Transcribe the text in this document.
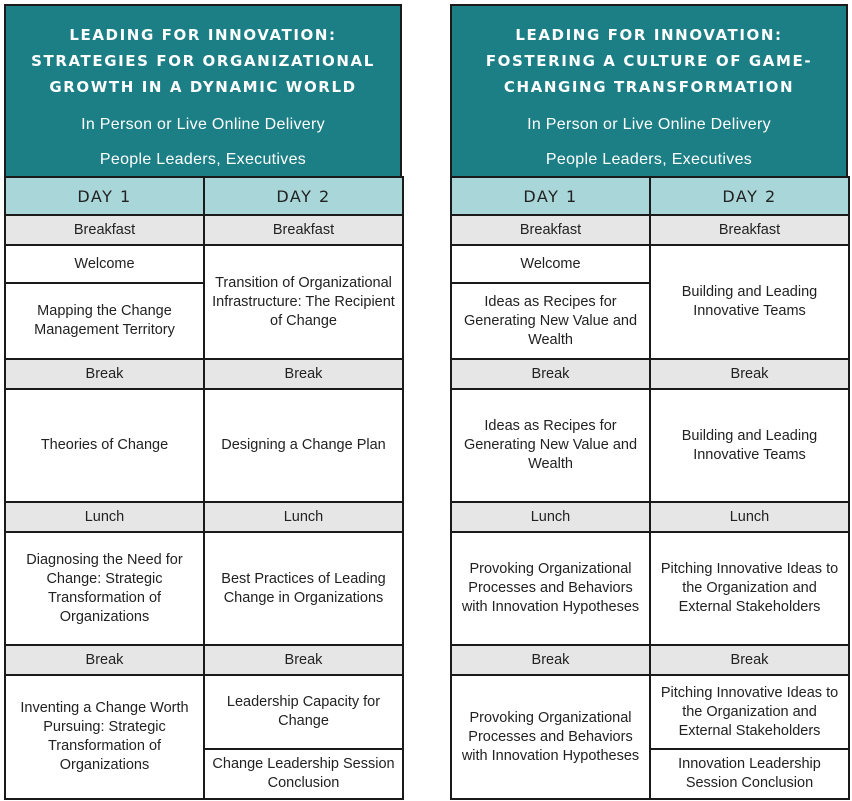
LEADING FOR INNOVATION: STRATEGIES FOR ORGANIZATIONAL GROWTH IN A DYNAMIC WORLD
In Person or Live Online Delivery
People Leaders, Executives
DAY 1	DAY 2
Breakfast	Breakfast
Welcome	Transition of Organizational Infrastructure: The Recipient of Change
Mapping the Change Management Territory	
Break	Break
Theories of Change	Designing a Change Plan
Lunch	Lunch
Diagnosing the Need for Change: Strategic Transformation of Organizations	Best Practices of Leading Change in Organizations
Break	Break
Inventing a Change Worth Pursuing: Strategic Transformation of Organizations	Leadership Capacity for Change
	Change Leadership Session Conclusion
LEADING FOR INNOVATION: FOSTERING A CULTURE OF GAME-CHANGING TRANSFORMATION
In Person or Live Online Delivery
People Leaders, Executives
DAY 1	DAY 2
Breakfast	Breakfast
Welcome	Building and Leading Innovative Teams
Ideas as Recipes for Generating New Value and Wealth	
Break	Break
Ideas as Recipes for Generating New Value and Wealth	Building and Leading Innovative Teams
Lunch	Lunch
Provoking Organizational Processes and Behaviors with Innovation Hypotheses	Pitching Innovative Ideas to the Organization and External Stakeholders
Break	Break
Provoking Organizational Processes and Behaviors with Innovation Hypotheses	Pitching Innovative Ideas to the Organization and External Stakeholders
	Innovation Leadership Session Conclusion
